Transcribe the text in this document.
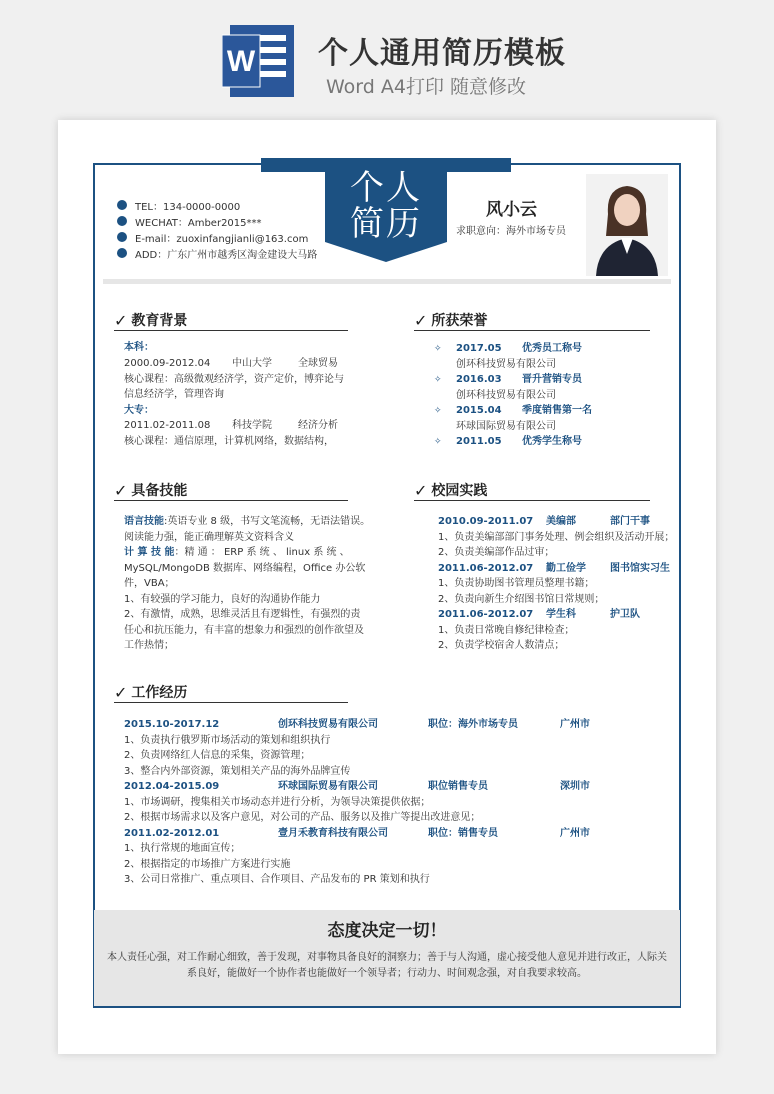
W 个人通用简历模板
Word A4打印 随意修改
个人
简历
TEL：134-0000-0000
WECHAT：Amber2015***
E-mail：zuoxinfangjianli@163.com
ADD：广东广州市越秀区淘金建设大马路
风小云
求职意向：海外市场专员
✓ 教育背景
本科：
2000.09-2012.04 中山大学	全球贸易
核心课程：高级微观经济学，资产定价，博弈论与
信息经济学，管理咨询
大专：
2011.02-2011.08 科技学院	经济分析
核心课程：通信原理，计算机网络，数据结构，
✓ 所获荣誉
✧ 2017.05 优秀员工称号
创环科技贸易有限公司
✧ 2016.03 晋升营销专员
创环科技贸易有限公司
✧ 2015.04 季度销售第一名
环球国际贸易有限公司
✧ 2011.05 优秀学生称号
✓ 具备技能
语言技能:英语专业 8 级，书写文笔流畅，无语法错误。
阅读能力强，能正确理解英文资料含义
计 算 技 能：精 通 ： ERP 系 统 、 linux 系 统 、
MySQL/MongoDB 数据库、网络编程，Office 办公软
件，VBA；
1、有较强的学习能力，良好的沟通协作能力
2、有激情，成熟，思维灵活且有逻辑性，有强烈的责
任心和抗压能力，有丰富的想象力和强烈的创作欲望及
工作热情；
✓ 校园实践
2010.09-2011.07 美编部	部门干事
1、负责美编部部门事务处理、例会组织及活动开展；
2、负责美编部作品过审；
2011.06-2012.07 勤工俭学 图书馆实习生
1、负责协助图书管理员整理书籍；
2、负责向新生介绍图书馆日常规则；
2011.06-2012.07 学生科	护卫队
1、负责日常晚自修纪律检查；
2、负责学校宿舍人数清点；
✓ 工作经历
2015.10-2017.12	创环科技贸易有限公司	职位：海外市场专员	广州市
1、负责执行俄罗斯市场活动的策划和组织执行
2、负责网络红人信息的采集，资源管理；
3、整合内外部资源，策划相关产品的海外品牌宣传
2012.04-2015.09	环球国际贸易有限公司	职位销售专员	深圳市
1、市场调研，搜集相关市场动态并进行分析，为领导决策提供依据；
2、根据市场需求以及客户意见，对公司的产品、服务以及推广等提出改进意见；
2011.02-2012.01	壹月禾教育科技有限公司	职位：销售专员	广州市
1、执行常规的地面宣传；
2、根据指定的市场推广方案进行实施
3、公司日常推广、重点项目、合作项目、产品发布的 PR 策划和执行
态度决定一切！
本人责任心强，对工作耐心细致，善于发现，对事物具备良好的洞察力；善于与人沟通，虚心接受他人意见并进行改正，人际关系良好，能做好一个协作者也能做好一个领导者；行动力、时间观念强，对自我要求较高。
